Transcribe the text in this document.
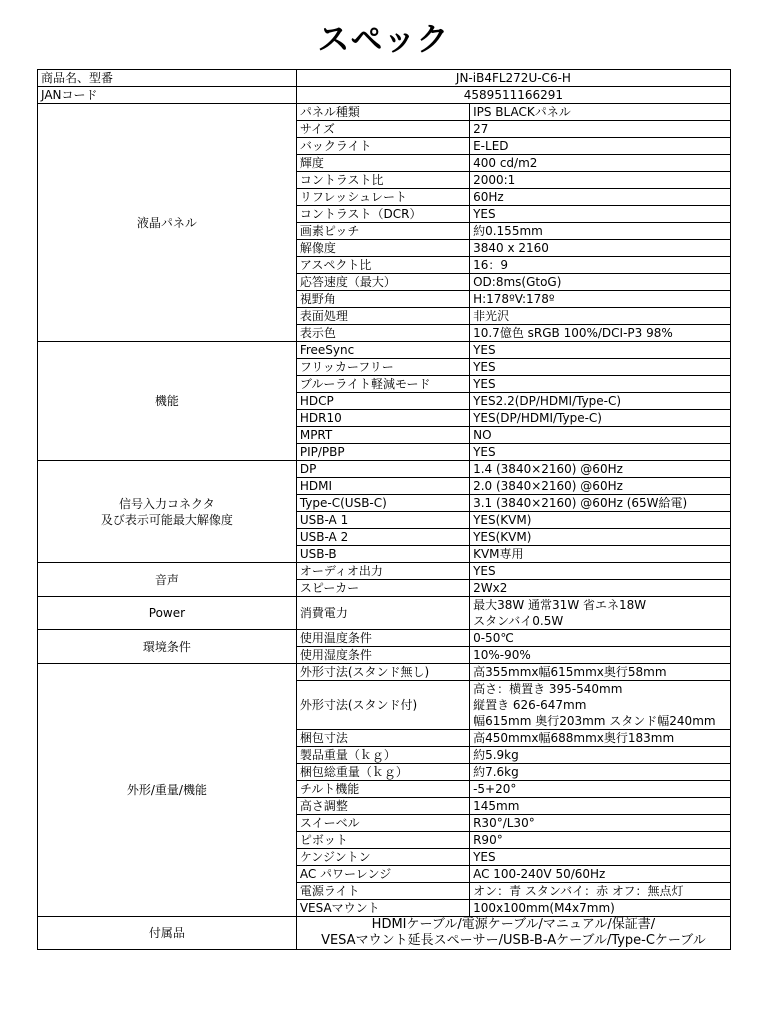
スペック
商品名、型番	JN-iB4FL272U-C6-H	
JANコード	4589511166291	
液晶パネル	パネル種類	IPS BLACKパネル
	サイズ	27
	バックライト	E-LED
	輝度	400 cd/m2
	コントラスト比	2000:1
	リフレッシュレート	60Hz
	コントラスト（DCR）	YES
	画素ピッチ	約0.155mm
	解像度	3840 x 2160
	アスペクト比	16：9
	応答速度（最大）	OD:8ms(GtoG)
	視野角	H:178ºV:178º
	表面処理	非光沢
	表示色	10.7億色 sRGB 100%/DCI-P3 98%
機能	FreeSync	YES
	フリッカーフリー	YES
	ブルーライト軽減モード	YES
	HDCP	YES2.2(DP/HDMI/Type-C)
	HDR10	YES(DP/HDMI/Type-C)
	MPRT	NO
	PIP/PBP	YES

信号入力コネクタ
及び表示可能最大解像度	DP	1.4 (3840×2160) @60Hz
	HDMI	2.0 (3840×2160) @60Hz
	Type-C(USB-C)	3.1 (3840×2160) @60Hz (65W給電)
	USB-A 1	YES(KVM)
	USB-A 2	YES(KVM)
	USB-B	KVM専用
音声	オーディオ出力	YES
	スピーカー	2Wx2
Power	消費電力	最大38W 通常31W 省エネ18W
スタンバイ0.5W

環境条件	使用温度条件	0-50℃
	使用湿度条件	10%-90%
外形/重量/機能	外形寸法(スタンド無し)	高355mmx幅615mmx奥行58mm
	外形寸法(スタンド付)	高さ：横置き 395-540mm
縦置き 626-647mm
幅615mm 奥行203mm スタンド幅240mm

	梱包寸法	高450mmx幅688mmx奥行183mm
	製品重量（ｋｇ）	約5.9kg
	梱包総重量（ｋｇ）	約7.6kg
	チルト機能	-5+20°
	高さ調整	145mm
	スイーベル	R30°/L30°
	ピボット	R90°
	ケンジントン	YES
	AC パワーレンジ	AC 100-240V 50/60Hz
	電源ライト	オン：青 スタンバイ：赤 オフ：無点灯
	VESAマウント	100x100mm(M4x7mm)
付属品	HDMIケーブル/電源ケーブル/マニュアル/保証書/
VESAマウント延長スペーサー/USB-B-Aケーブル/Type-Cケーブル	
